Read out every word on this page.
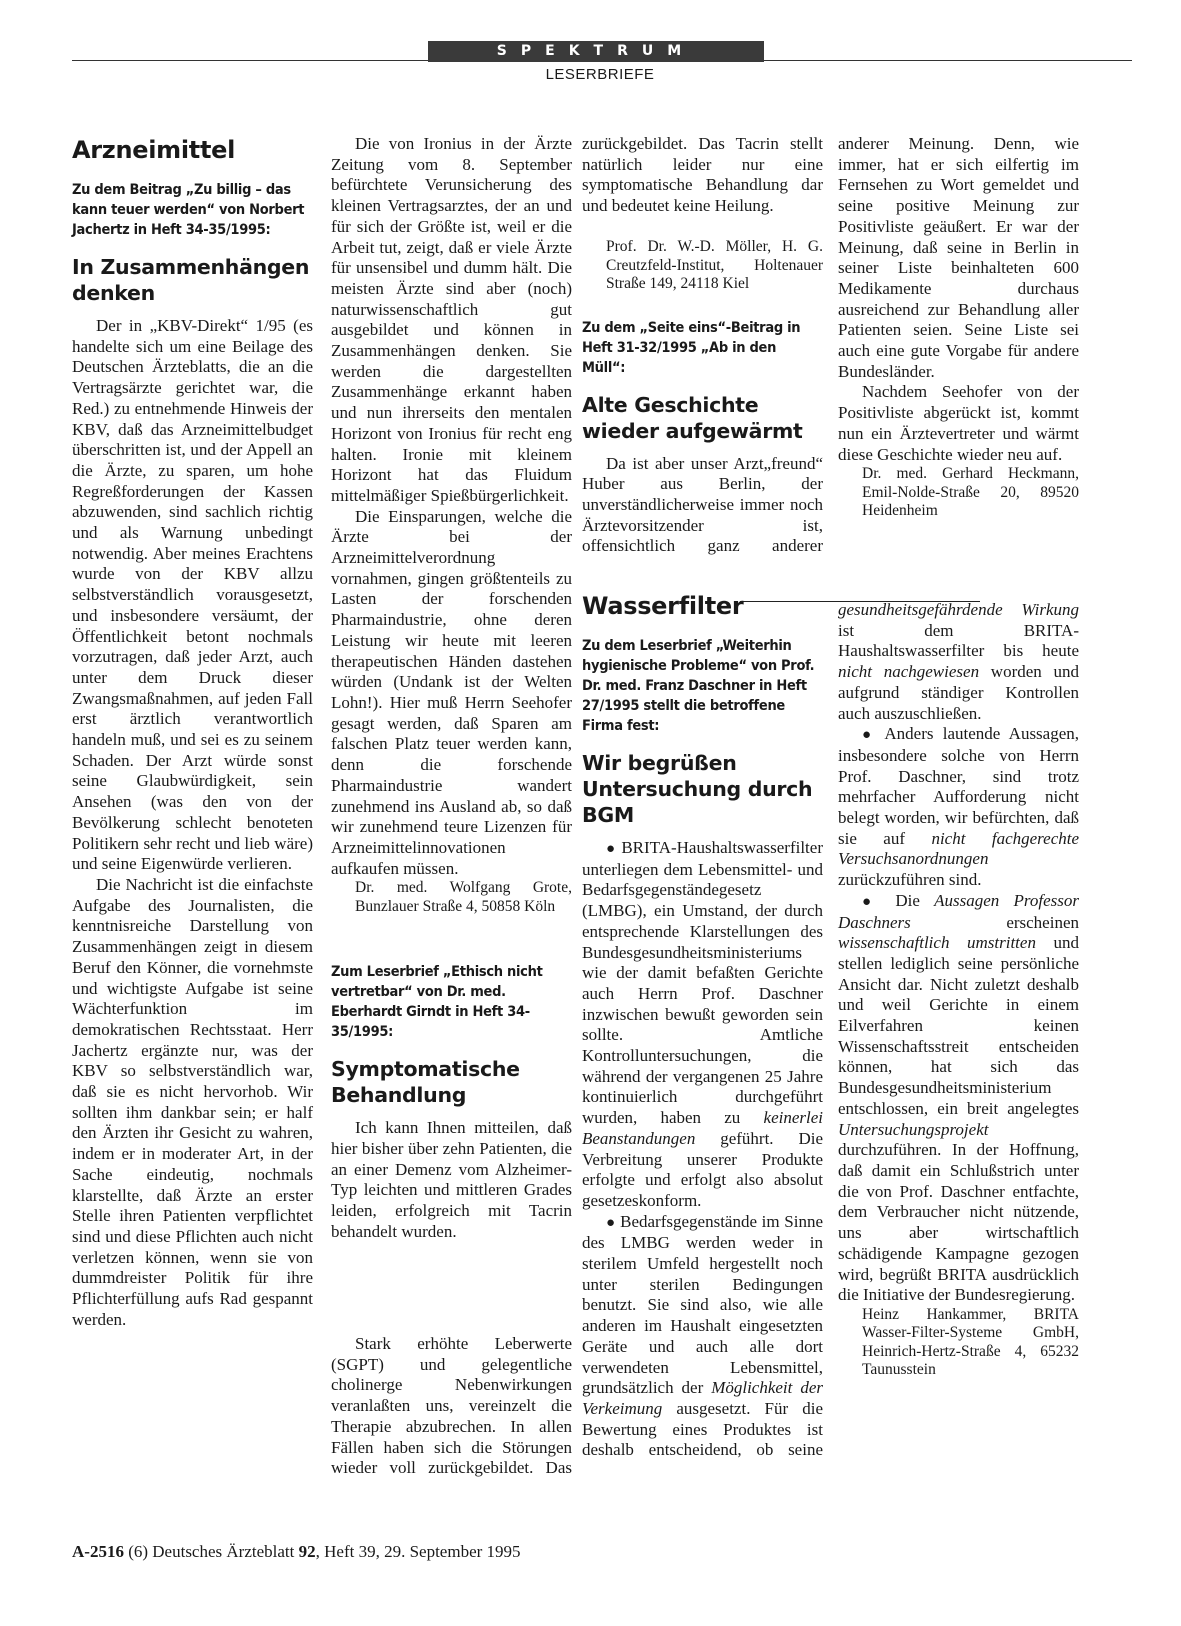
SPEKTRUM
LESERBRIEFE
Arzneimittel
Zu dem Beitrag „Zu billig – das kann teuer werden“ von Norbert Jachertz in Heft 34-35/1995:
In Zusammenhängen denken

Der in „KBV-Direkt“ 1/95 (es handelte sich um eine Beilage des Deutschen Ärzteblatts, die an die Vertragsärzte gerichtet war, die Red.) zu entnehmende Hinweis der KBV, daß das Arzneimittelbudget überschritten ist, und der Appell an die Ärzte, zu sparen, um hohe Regreßforderungen der Kassen abzuwenden, sind sachlich richtig und als Warnung unbedingt notwendig. Aber meines Erachtens wurde von der KBV allzu selbstverständlich vorausgesetzt, und insbesondere versäumt, der Öffentlichkeit betont nochmals vorzutragen, daß jeder Arzt, auch unter dem Druck dieser Zwangsmaßnahmen, auf jeden Fall erst ärztlich verantwortlich handeln muß, und sei es zu seinem Schaden. Der Arzt würde sonst seine Glaubwürdigkeit, sein Ansehen (was den von der Bevölkerung schlecht benoteten Politikern sehr recht und lieb wäre) und seine Eigenwürde verlieren.

Die Nachricht ist die einfachste Aufgabe des Journalisten, die kenntnisreiche Darstellung von Zusammenhängen zeigt in diesem Beruf den Könner, die vornehmste und wichtigste Aufgabe ist seine Wächterfunktion im demokratischen Rechtsstaat. Herr Jachertz ergänzte nur, was der KBV so selbstverständlich war, daß sie es nicht hervorhob. Wir sollten ihm dankbar sein; er half den Ärzten ihr Gesicht zu wahren, indem er in moderater Art, in der Sache eindeutig, nochmals klarstellte, daß Ärzte an erster Stelle ihren Patienten verpflichtet sind und diese Pflichten auch nicht verletzen können, wenn sie von dummdreister Politik für ihre Pflichterfüllung aufs Rad gespannt werden.

Die von Ironius in der Ärzte Zeitung vom 8. September befürchtete Verunsicherung des kleinen Vertragsarztes, der an und für sich der Größte ist, weil er die Arbeit tut, zeigt, daß er viele Ärzte für unsensibel und dumm hält. Die meisten Ärzte sind aber (noch) naturwissenschaftlich gut ausgebildet und können in Zusammenhängen denken. Sie werden die dargestellten Zusammenhänge erkannt haben und nun ihrerseits den mentalen Horizont von Ironius für recht eng halten. Ironie mit kleinem Horizont hat das Fluidum mittelmäßiger Spießbürgerlichkeit.

Die Einsparungen, welche die Ärzte bei der Arzneimittelverordnung vornahmen, gingen größtenteils zu Lasten der forschenden Pharmaindustrie, ohne deren Leistung wir heute mit leeren therapeutischen Händen dastehen würden (Undank ist der Welten Lohn!). Hier muß Herrn Seehofer gesagt werden, daß Sparen am falschen Platz teuer werden kann, denn die forschende Pharmaindustrie wandert zunehmend ins Ausland ab, so daß wir zunehmend teure Lizenzen für Arzneimittelinnovationen aufkaufen müssen.

Dr. med. Wolfgang Grote, Bunzlauer Straße 4, 50858 Köln

Zum Leserbrief „Ethisch nicht vertretbar“ von Dr. med. Eberhardt Girndt in Heft 34-35/1995:
Symptomatische Behandlung

Ich kann Ihnen mitteilen, daß hier bisher über zehn Patienten, die an einer Demenz vom Alzheimer-Typ leichten und mittleren Grades leiden, erfolgreich mit Tacrin behandelt wurden.

Stark erhöhte Leberwerte (SGPT) und gelegentliche cholinerge Nebenwirkungen veranlaßten uns, vereinzelt die Therapie abzubrechen. In allen Fällen haben sich die Störungen wieder voll zurückgebildet. Das

zurückgebildet. Das Tacrin stellt natürlich leider nur eine symptomatische Behandlung dar und bedeutet keine Heilung.

Prof. Dr. W.-D. Möller, H. G. Creutzfeld-Institut, Holtenauer Straße 149, 24118 Kiel

Zu dem „Seite eins“-Beitrag in Heft 31-32/1995 „Ab in den Müll“:
Alte Geschichte wieder aufgewärmt

Da ist aber unser Arzt„freund“ Huber aus Berlin, der unverständlicherweise immer noch Ärztevorsitzender ist, offensichtlich ganz anderer

anderer Meinung. Denn, wie immer, hat er sich eilfertig im Fernsehen zu Wort gemeldet und seine positive Meinung zur Positivliste geäußert. Er war der Meinung, daß seine in Berlin in seiner Liste beinhalteten 600 Medikamente durchaus ausreichend zur Behandlung aller Patienten seien. Seine Liste sei auch eine gute Vorgabe für andere Bundesländer.

Nachdem Seehofer von der Positivliste abgerückt ist, kommt nun ein Ärztevertreter und wärmt diese Geschichte wieder neu auf.

Dr. med. Gerhard Heckmann, Emil-Nolde-Straße 20, 89520 Heidenheim

Wasserfilter
Zu dem Leserbrief „Weiterhin hygienische Probleme“ von Prof. Dr. med. Franz Daschner in Heft 27/1995 stellt die betroffene Firma fest:
Wir begrüßen Untersuchung durch BGM

● BRITA-Haushaltswasserfilter unterliegen dem Lebensmittel- und Bedarfsgegenständegesetz (LMBG), ein Umstand, der durch entsprechende Klarstellungen des Bundesgesundheitsministeriums wie der damit befaßten Gerichte auch Herrn Prof. Daschner inzwischen bewußt geworden sein sollte. Amtliche Kontrolluntersuchungen, die während der vergangenen 25 Jahre kontinuierlich durchgeführt wurden, haben zu keinerlei Beanstandungen geführt. Die Verbreitung unserer Produkte erfolgte und erfolgt also absolut gesetzeskonform.

● Bedarfsgegenstände im Sinne des LMBG werden weder in sterilem Umfeld hergestellt noch unter sterilen Bedingungen benutzt. Sie sind also, wie alle anderen im Haushalt eingesetzten Geräte und auch alle dort verwendeten Lebensmittel, grundsätzlich der Möglichkeit der Verkeimung ausgesetzt. Für die Bewertung eines Produktes ist deshalb entscheidend, ob seine

gesundheitsgefährdende Wirkung ist dem BRITA-Haushaltswasserfilter bis heute nicht nachgewiesen worden und aufgrund ständiger Kontrollen auch auszuschließen.

● Anders lautende Aussagen, insbesondere solche von Herrn Prof. Daschner, sind trotz mehrfacher Aufforderung nicht belegt worden, wir befürchten, daß sie auf nicht fachgerechte Versuchsanordnungen zurückzuführen sind.

● Die Aussagen Professor Daschners erscheinen wissenschaftlich umstritten und stellen lediglich seine persönliche Ansicht dar. Nicht zuletzt deshalb und weil Gerichte in einem Eilverfahren keinen Wissenschaftsstreit entscheiden können, hat sich das Bundesgesundheitsministerium entschlossen, ein breit angelegtes Untersuchungsprojekt durchzuführen. In der Hoffnung, daß damit ein Schlußstrich unter die von Prof. Daschner entfachte, dem Verbraucher nicht nützende, uns aber wirtschaftlich schädigende Kampagne gezogen wird, begrüßt BRITA ausdrücklich die Initiative der Bundesregierung.

Heinz Hankammer, BRITA Wasser-Filter-Systeme GmbH, Heinrich-Hertz-Straße 4, 65232 Taunusstein

A-2516 (6) Deutsches Ärzteblatt 92, Heft 39, 29. September 1995
